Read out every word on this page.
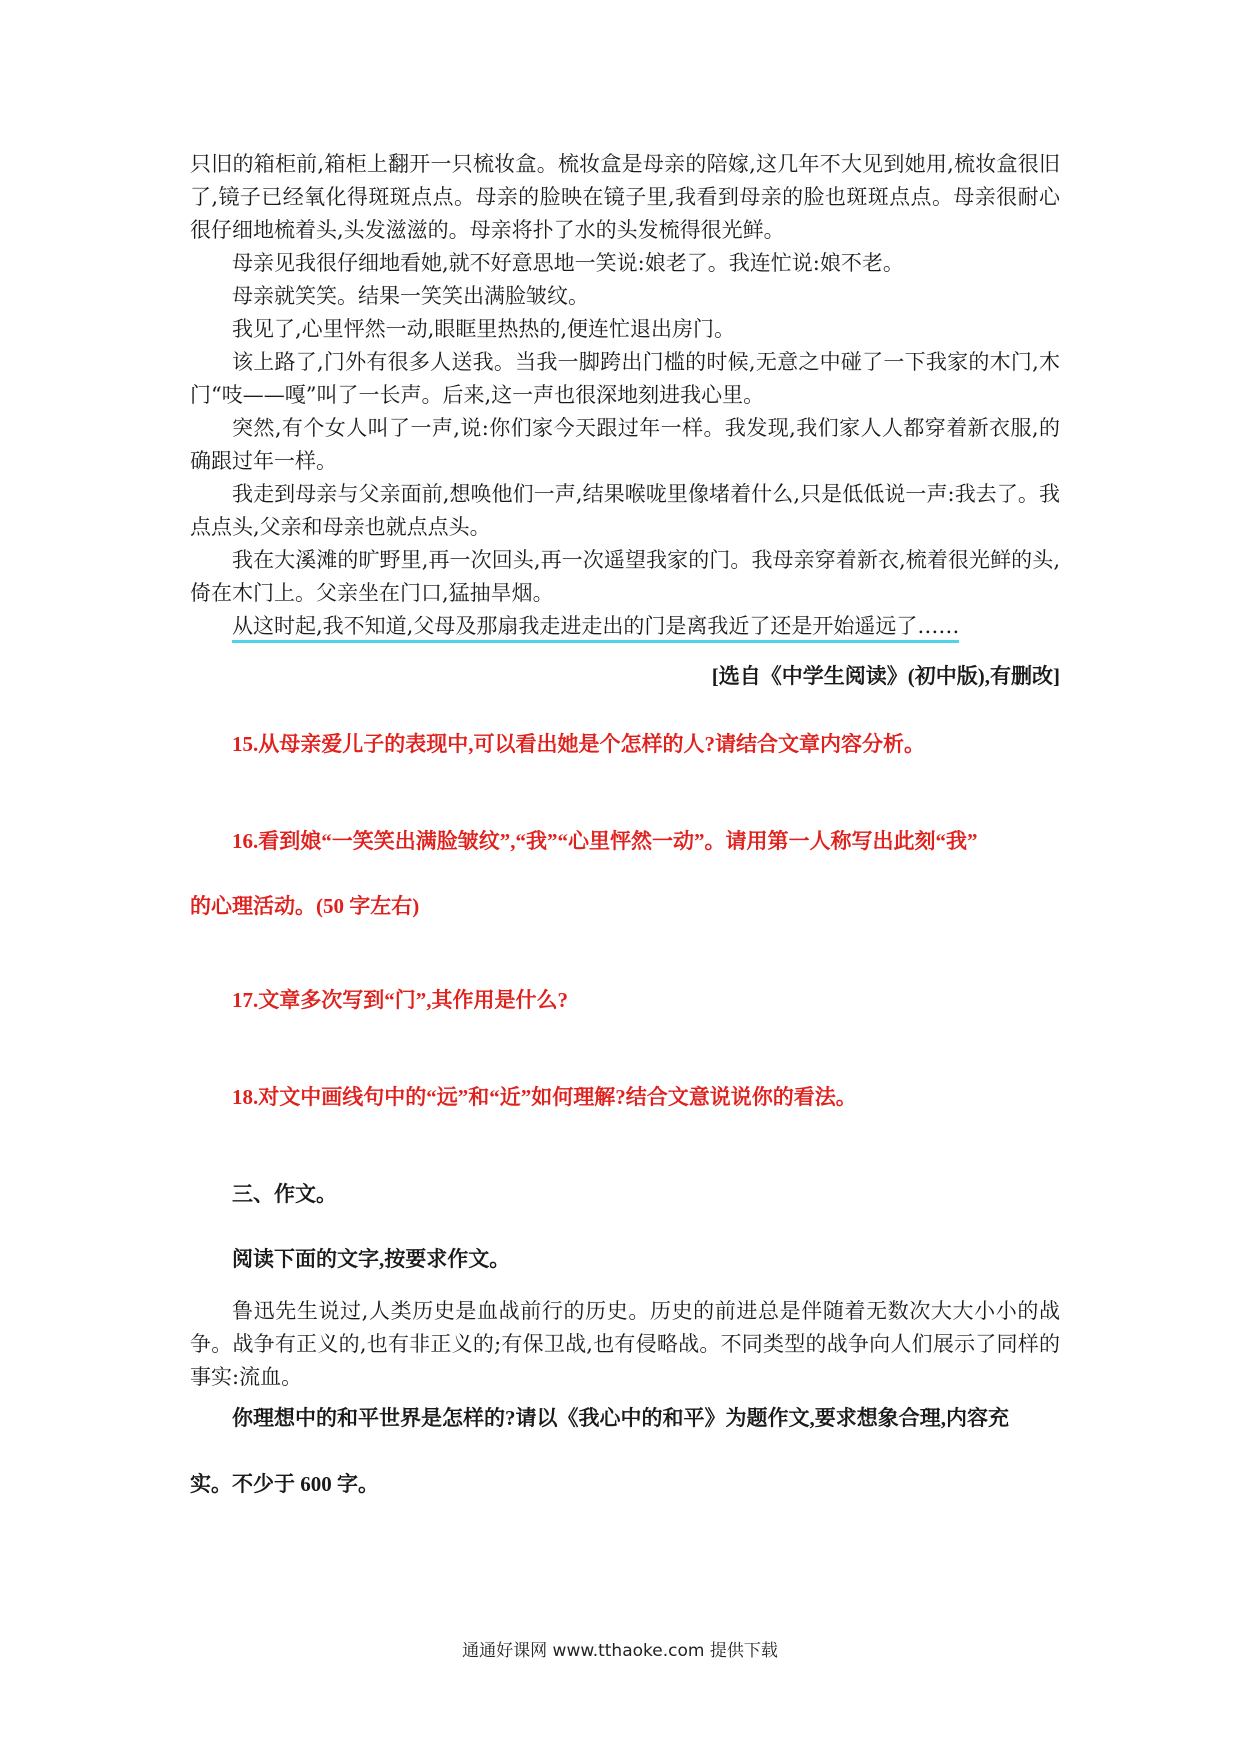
只旧的箱柜前,箱柜上翻开一只梳妆盒。梳妆盒是母亲的陪嫁,这几年不大见到她用,梳妆盒很旧了,镜子已经氧化得斑斑点点。母亲的脸映在镜子里,我看到母亲的脸也斑斑点点。母亲很耐心很仔细地梳着头,头发滋滋的。母亲将扑了水的头发梳得很光鲜。

母亲见我很仔细地看她,就不好意思地一笑说:娘老了。我连忙说:娘不老。

母亲就笑笑。结果一笑笑出满脸皱纹。

我见了,心里怦然一动,眼眶里热热的,便连忙退出房门。

该上路了,门外有很多人送我。当我一脚跨出门槛的时候,无意之中碰了一下我家的木门,木门“吱——嘎”叫了一长声。后来,这一声也很深地刻进我心里。

突然,有个女人叫了一声,说:你们家今天跟过年一样。我发现,我们家人人都穿着新衣服,的确跟过年一样。

我走到母亲与父亲面前,想唤他们一声,结果喉咙里像堵着什么,只是低低说一声:我去了。我点点头,父亲和母亲也就点点头。

我在大溪滩的旷野里,再一次回头,再一次遥望我家的门。我母亲穿着新衣,梳着很光鲜的头,倚在木门上。父亲坐在门口,猛抽旱烟。

从这时起,我不知道,父母及那扇我走进走出的门是离我近了还是开始遥远了……

[选自《中学生阅读》(初中版),有删改]
15.从母亲爱儿子的表现中,可以看出她是个怎样的人?请结合文章内容分析。
16.看到娘“一笑笑出满脸皱纹”,“我”“心里怦然一动”。请用第一人称写出此刻“我”
的心理活动。(50 字左右)
17.文章多次写到“门”,其作用是什么?
18.对文中画线句中的“远”和“近”如何理解?结合文意说说你的看法。
三、作文。
阅读下面的文字,按要求作文。

鲁迅先生说过,人类历史是血战前行的历史。历史的前进总是伴随着无数次大大小小的战争。战争有正义的,也有非正义的;有保卫战,也有侵略战。不同类型的战争向人们展示了同样的事实:流血。

你理想中的和平世界是怎样的?请以《我心中的和平》为题作文,要求想象合理,内容充
实。不少于 600 字。
通通好课网 www.tthaoke.com 提供下载
